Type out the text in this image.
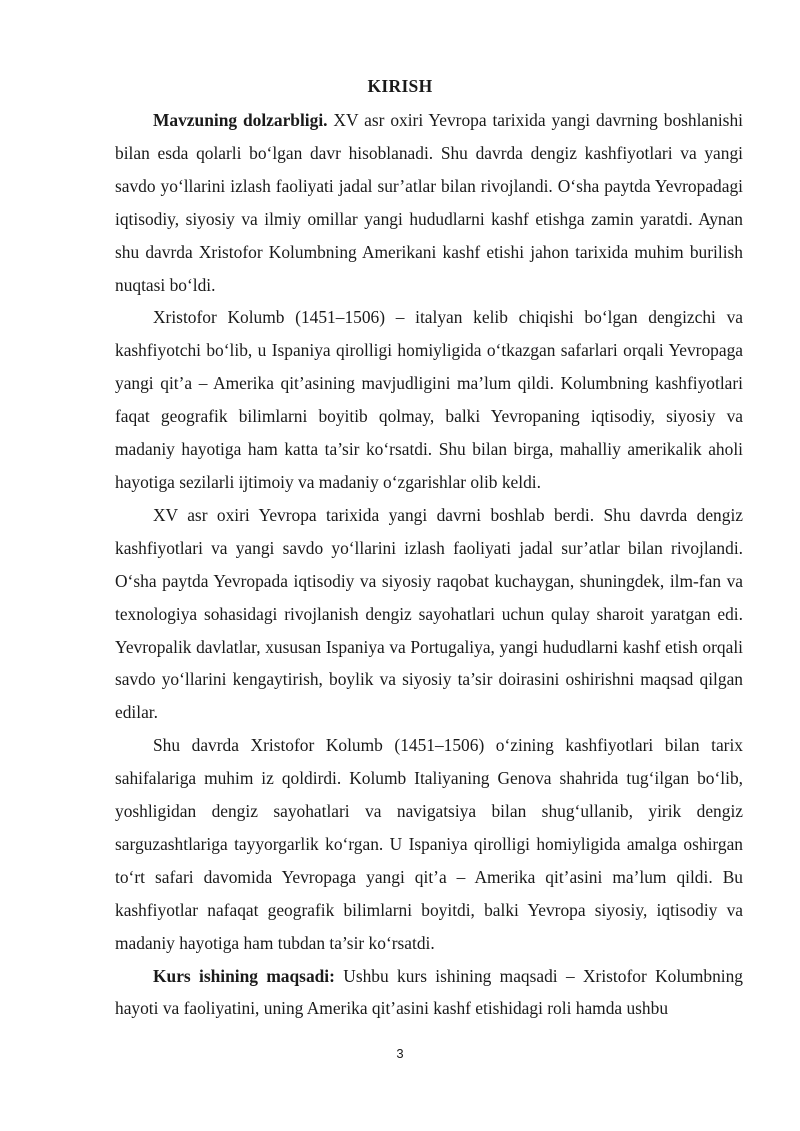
KIRISH

Mavzuning dolzarbligi. XV asr oxiri Yevropa tarixida yangi davrning boshlanishi bilan esda qolarli bo‘lgan davr hisoblanadi. Shu davrda dengiz kashfiyotlari va yangi savdo yo‘llarini izlash faoliyati jadal sur’atlar bilan rivojlandi. O‘sha paytda Yevropadagi iqtisodiy, siyosiy va ilmiy omillar yangi hududlarni kashf etishga zamin yaratdi. Aynan shu davrda Xristofor Kolumbning Amerikani kashf etishi jahon tarixida muhim burilish nuqtasi bo‘ldi.

Xristofor Kolumb (1451–1506) – italyan kelib chiqishi bo‘lgan dengizchi va kashfiyotchi bo‘lib, u Ispaniya qirolligi homiyligida o‘tkazgan safarlari orqali Yevropaga yangi qit’a – Amerika qit’asining mavjudligini ma’lum qildi. Kolumbning kashfiyotlari faqat geografik bilimlarni boyitib qolmay, balki Yevropaning iqtisodiy, siyosiy va madaniy hayotiga ham katta ta’sir ko‘rsatdi. Shu bilan birga, mahalliy amerikalik aholi hayotiga sezilarli ijtimoiy va madaniy o‘zgarishlar olib keldi.

XV asr oxiri Yevropa tarixida yangi davrni boshlab berdi. Shu davrda dengiz kashfiyotlari va yangi savdo yo‘llarini izlash faoliyati jadal sur’atlar bilan rivojlandi. O‘sha paytda Yevropada iqtisodiy va siyosiy raqobat kuchaygan, shuningdek, ilm-fan va texnologiya sohasidagi rivojlanish dengiz sayohatlari uchun qulay sharoit yaratgan edi. Yevropalik davlatlar, xususan Ispaniya va Portugaliya, yangi hududlarni kashf etish orqali savdo yo‘llarini kengaytirish, boylik va siyosiy ta’sir doirasini oshirishni maqsad qilgan edilar.

Shu davrda Xristofor Kolumb (1451–1506) o‘zining kashfiyotlari bilan tarix sahifalariga muhim iz qoldirdi. Kolumb Italiyaning Genova shahrida tug‘ilgan bo‘lib, yoshligidan dengiz sayohatlari va navigatsiya bilan shug‘ullanib, yirik dengiz sarguzashtlariga tayyorgarlik ko‘rgan. U Ispaniya qirolligi homiyligida amalga oshirgan to‘rt safari davomida Yevropaga yangi qit’a – Amerika qit’asini ma’lum qildi. Bu kashfiyotlar nafaqat geografik bilimlarni boyitdi, balki Yevropa siyosiy, iqtisodiy va madaniy hayotiga ham tubdan ta’sir ko‘rsatdi.

Kurs ishining maqsadi: Ushbu kurs ishining maqsadi – Xristofor Kolumbning hayoti va faoliyatini, uning Amerika qit’asini kashf etishidagi roli hamda ushbu

3
